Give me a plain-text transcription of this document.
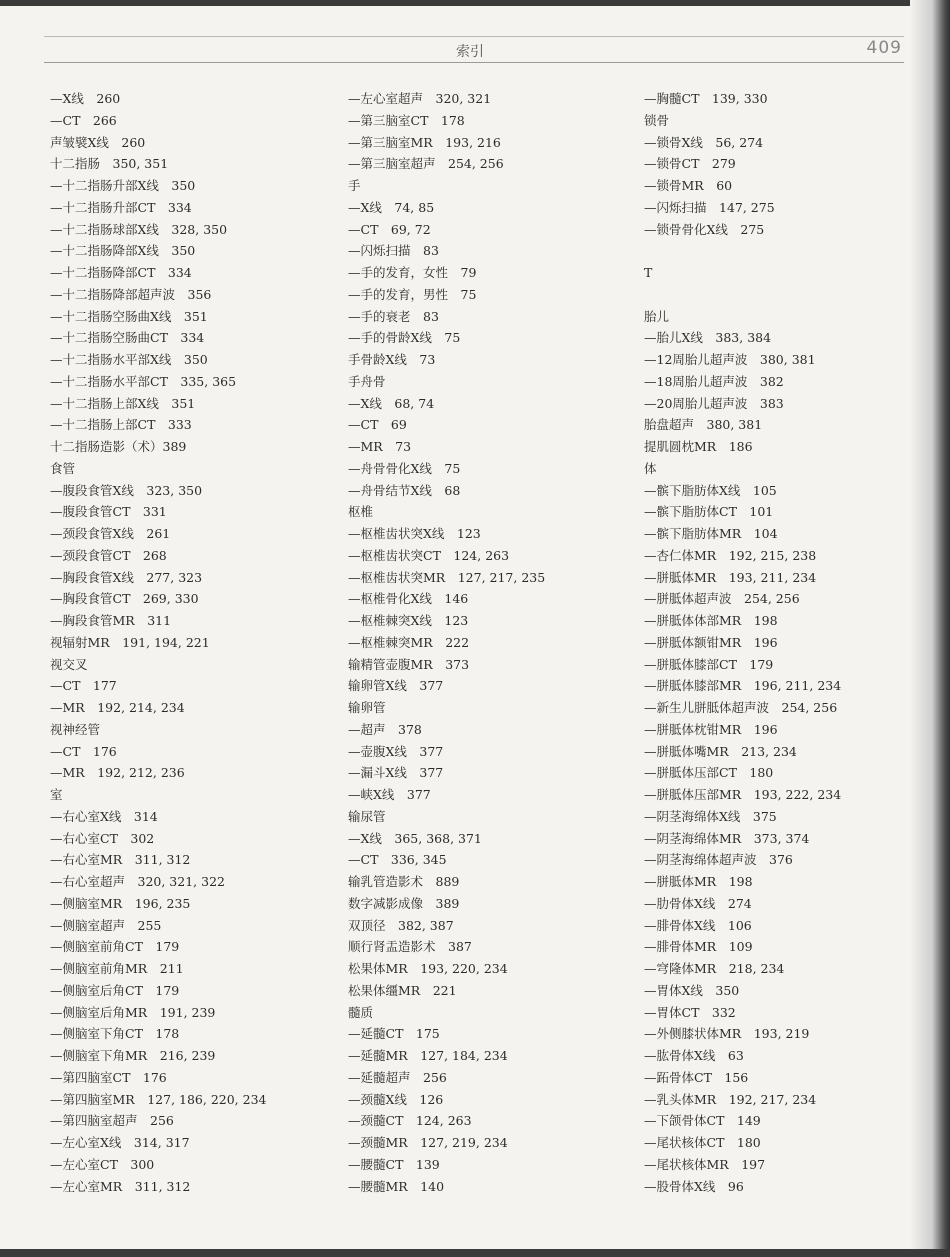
索引	409
—X线　260
—CT　266
声皱襞X线　260
十二指肠　350, 351
—十二指肠升部X线　350
—十二指肠升部CT　334
—十二指肠球部X线　328, 350
—十二指肠降部X线　350
—十二指肠降部CT　334
—十二指肠降部超声波　356
—十二指肠空肠曲X线　351
—十二指肠空肠曲CT　334
—十二指肠水平部X线　350
—十二指肠水平部CT　335, 365
—十二指肠上部X线　351
—十二指肠上部CT　333
十二指肠造影（术）389
食管
—腹段食管X线　323, 350
—腹段食管CT　331
—颈段食管X线　261
—颈段食管CT　268
—胸段食管X线　277, 323
—胸段食管CT　269, 330
—胸段食管MR　311
视辐射MR　191, 194, 221
视交叉
—CT　177
—MR　192, 214, 234
视神经管
—CT　176
—MR　192, 212, 236
室
—右心室X线　314
—右心室CT　302
—右心室MR　311, 312
—右心室超声　320, 321, 322
—侧脑室MR　196, 235
—侧脑室超声　255
—侧脑室前角CT　179
—侧脑室前角MR　211
—侧脑室后角CT　179
—侧脑室后角MR　191, 239
—侧脑室下角CT　178
—侧脑室下角MR　216, 239
—第四脑室CT　176
—第四脑室MR　127, 186, 220, 234
—第四脑室超声　256
—左心室X线　314, 317
—左心室CT　300
—左心室MR　311, 312
—左心室超声　320, 321
—第三脑室CT　178
—第三脑室MR　193, 216
—第三脑室超声　254, 256
手
—X线　74, 85
—CT　69, 72
—闪烁扫描　83
—手的发育，女性　79
—手的发育，男性　75
—手的衰老　83
—手的骨龄X线　75
手骨龄X线　73
手舟骨
—X线　68, 74
—CT　69
—MR　73
—舟骨骨化X线　75
—舟骨结节X线　68
枢椎
—枢椎齿状突X线　123
—枢椎齿状突CT　124, 263
—枢椎齿状突MR　127, 217, 235
—枢椎骨化X线　146
—枢椎棘突X线　123
—枢椎棘突MR　222
输精管壶腹MR　373
输卵管X线　377
输卵管
—超声　378
—壶腹X线　377
—漏斗X线　377
—峡X线　377
输尿管
—X线　365, 368, 371
—CT　336, 345
输乳管造影术　889
数字减影成像　389
双顶径　382, 387
顺行肾盂造影术　387
松果体MR　193, 220, 234
松果体缰MR　221
髓质
—延髓CT　175
—延髓MR　127, 184, 234
—延髓超声　256
—颈髓X线　126
—颈髓CT　124, 263
—颈髓MR　127, 219, 234
—腰髓CT　139
—腰髓MR　140
—胸髓CT　139, 330
锁骨
—锁骨X线　56, 274
—锁骨CT　279
—锁骨MR　60
—闪烁扫描　147, 275
—锁骨骨化X线　275
T
胎儿
—胎儿X线　383, 384
—12周胎儿超声波　380, 381
—18周胎儿超声波　382
—20周胎儿超声波　383
胎盘超声　380, 381
提肌圆枕MR　186
体
—髌下脂肪体X线　105
—髌下脂肪体CT　101
—髌下脂肪体MR　104
—杏仁体MR　192, 215, 238
—胼胝体MR　193, 211, 234
—胼胝体超声波　254, 256
—胼胝体体部MR　198
—胼胝体额钳MR　196
—胼胝体膝部CT　179
—胼胝体膝部MR　196, 211, 234
—新生儿胼胝体超声波　254, 256
—胼胝体枕钳MR　196
—胼胝体嘴MR　213, 234
—胼胝体压部CT　180
—胼胝体压部MR　193, 222, 234
—阴茎海绵体X线　375
—阴茎海绵体MR　373, 374
—阴茎海绵体超声波　376
—胼胝体MR　198
—肋骨体X线　274
—腓骨体X线　106
—腓骨体MR　109
—穹隆体MR　218, 234
—胃体X线　350
—胃体CT　332
—外侧膝状体MR　193, 219
—肱骨体X线　63
—跖骨体CT　156
—乳头体MR　192, 217, 234
—下颌骨体CT　149
—尾状核体CT　180
—尾状核体MR　197
—股骨体X线　96
